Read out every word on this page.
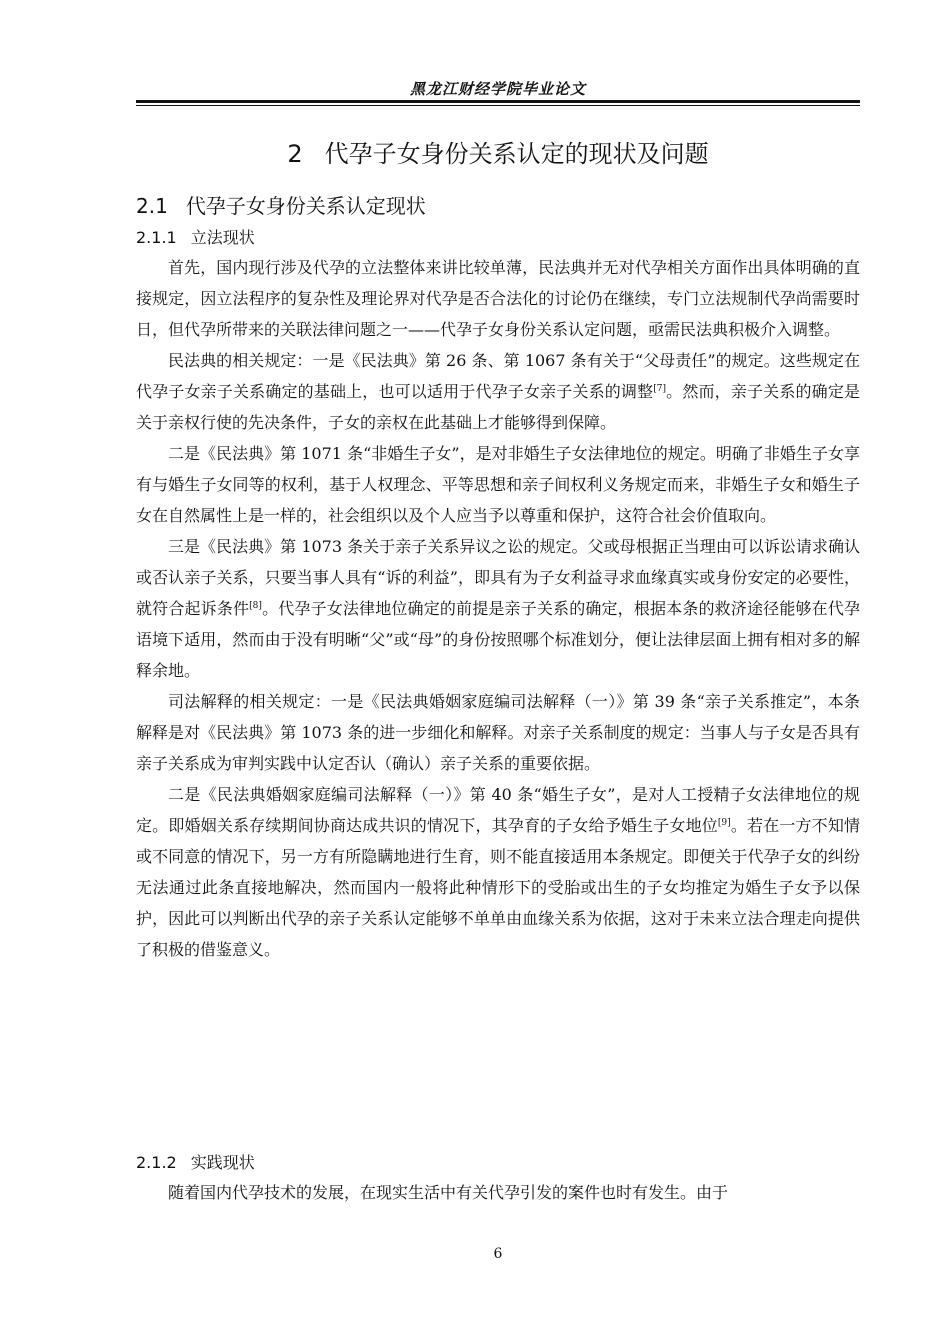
黑龙江财经学院毕业论文
2 代孕子女身份关系认定的现状及问题
2.1 代孕子女身份关系认定现状
2.1.1 立法现状

首先，国内现行涉及代孕的立法整体来讲比较单薄，民法典并无对代孕相关方面作出具体明确的直接规定，因立法程序的复杂性及理论界对代孕是否合法化的讨论仍在继续，专门立法规制代孕尚需要时日，但代孕所带来的关联法律问题之一——代孕子女身份关系认定问题，亟需民法典积极介入调整。

民法典的相关规定：一是《民法典》第 26 条、第 1067 条有关于“父母责任”的规定。这些规定在代孕子女亲子关系确定的基础上，也可以适用于代孕子女亲子关系的调整[7]。然而，亲子关系的确定是关于亲权行使的先决条件，子女的亲权在此基础上才能够得到保障。

二是《民法典》第 1071 条“非婚生子女”，是对非婚生子女法律地位的规定。明确了非婚生子女享有与婚生子女同等的权利，基于人权理念、平等思想和亲子间权利义务规定而来，非婚生子女和婚生子女在自然属性上是一样的，社会组织以及个人应当予以尊重和保护，这符合社会价值取向。

三是《民法典》第 1073 条关于亲子关系异议之讼的规定。父或母根据正当理由可以诉讼请求确认或否认亲子关系，只要当事人具有“诉的利益”，即具有为子女利益寻求血缘真实或身份安定的必要性，就符合起诉条件[8]。代孕子女法律地位确定的前提是亲子关系的确定，根据本条的救济途径能够在代孕语境下适用，然而由于没有明晰“父”或“母”的身份按照哪个标准划分，便让法律层面上拥有相对多的解释余地。

司法解释的相关规定：一是《民法典婚姻家庭编司法解释（一）》第 39 条“亲子关系推定”，本条解释是对《民法典》第 1073 条的进一步细化和解释。对亲子关系制度的规定：当事人与子女是否具有亲子关系成为审判实践中认定否认（确认）亲子关系的重要依据。

二是《民法典婚姻家庭编司法解释（一）》第 40 条“婚生子女”，是对人工授精子女法律地位的规定。即婚姻关系存续期间协商达成共识的情况下，其孕育的子女给予婚生子女地位[9]。若在一方不知情或不同意的情况下，另一方有所隐瞒地进行生育，则不能直接适用本条规定。即便关于代孕子女的纠纷无法通过此条直接地解决，然而国内一般将此种情形下的受胎或出生的子女均推定为婚生子女予以保护，因此可以判断出代孕的亲子关系认定能够不单单由血缘关系为依据，这对于未来立法合理走向提供了积极的借鉴意义。

2.1.2 实践现状

随着国内代孕技术的发展，在现实生活中有关代孕引发的案件也时有发生。由于

6
